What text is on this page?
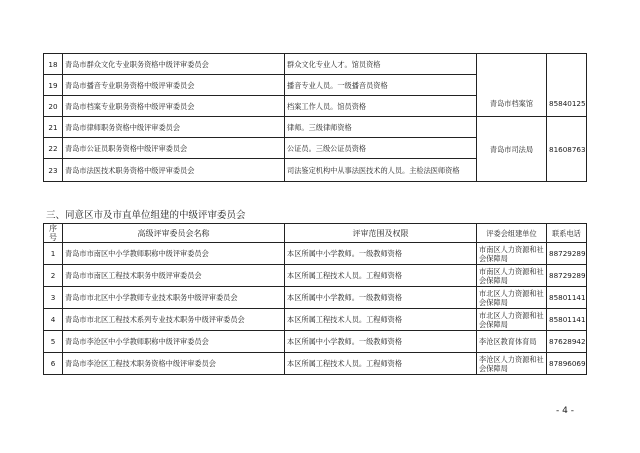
18	青岛市群众文化专业职务资格中级评审委员会	群众文化专业人才。馆员资格	青岛市档案馆	85840125
19	青岛市播音专业职务资格中级评审委员会	播音专业人员。一级播音员资格		
20	青岛市档案专业职务资格中级评审委员会	档案工作人员。馆员资格		
21	青岛市律师职务资格中级评审委员会	律师。三级律师资格	青岛市司法局	81608763
22	青岛市公证员职务资格中级评审委员会	公证员。三级公证员资格		
23	青岛市法医技术职务资格中级评审委员会	司法鉴定机构中从事法医技术的人员。主检法医师资格		
三、同意区市及市直单位组建的中级评审委员会
序号	高级评审委员会名称	评审范围及权限	评委会组建单位	联系电话
1	青岛市市南区中小学教师职称中级评审委员会	本区所属中小学教师。一级教师资格	市南区人力资源和社会保障局	88729289
2	青岛市市南区工程技术职务中级评审委员会	本区所属工程技术人员。工程师资格	市南区人力资源和社会保障局	88729289
3	青岛市市北区中小学教师专业技术职务中级评审委员会	本区所属中小学教师。一级教师资格	市北区人力资源和社会保障局	85801141
4	青岛市市北区工程技术系列专业技术职务中级评审委员会	本区所属工程技术人员。工程师资格	市北区人力资源和社会保障局	85801141
5	青岛市李沧区中小学教师职称中级评审委员会	本区所属中小学教师。一级教师资格	李沧区教育体育局	87628942
6	青岛市李沧区工程技术职务资格中级评审委员会	本区所属工程技术人员。工程师资格	李沧区人力资源和社会保障局	87896069
- 4 -
